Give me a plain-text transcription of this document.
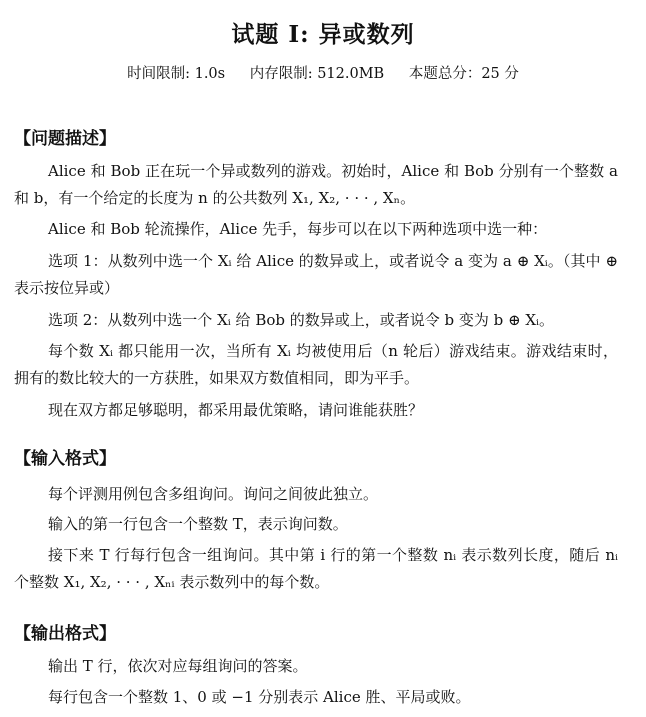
试题 I: 异或数列
时间限制: 1.0s 内存限制: 512.0MB 本题总分：25 分
【问题描述】

Alice 和 Bob 正在玩一个异或数列的游戏。初始时，Alice 和 Bob 分别有一个整数 a 和 b，有一个给定的长度为 n 的公共数列 X₁, X₂, · · · , Xₙ。

Alice 和 Bob 轮流操作，Alice 先手，每步可以在以下两种选项中选一种：

选项 1：从数列中选一个 Xᵢ 给 Alice 的数异或上，或者说令 a 变为 a ⊕ Xᵢ。（其中 ⊕ 表示按位异或）

选项 2：从数列中选一个 Xᵢ 给 Bob 的数异或上，或者说令 b 变为 b ⊕ Xᵢ。

每个数 Xᵢ 都只能用一次，当所有 Xᵢ 均被使用后（n 轮后）游戏结束。游戏结束时，拥有的数比较大的一方获胜，如果双方数值相同，即为平手。

现在双方都足够聪明，都采用最优策略，请问谁能获胜？

【输入格式】

每个评测用例包含多组询问。询问之间彼此独立。

输入的第一行包含一个整数 T，表示询问数。

接下来 T 行每行包含一组询问。其中第 i 行的第一个整数 nᵢ 表示数列长度，随后 nᵢ 个整数 X₁, X₂, · · · , Xₙᵢ 表示数列中的每个数。

【输出格式】

输出 T 行，依次对应每组询问的答案。

每行包含一个整数 1、0 或 −1 分别表示 Alice 胜、平局或败。
